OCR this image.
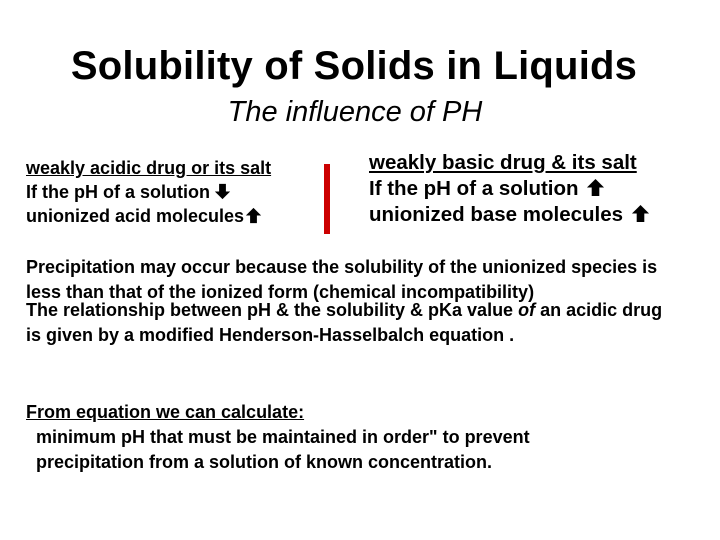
Solubility of Solids in Liquids
The influence of PH
weakly acidic drug or its salt
If the pH of a solution
unionized acid molecules
weakly basic drug & its salt
If the pH of a solution
unionized base molecules
Precipitation may occur because the solubility of the unionized species is
less than that of the ionized form (chemical incompatibility)
The relationship between pH & the solubility & pKa value of an acidic drug
is given by a modified Henderson-Hasselbalch equation .
From equation we can calculate:
minimum pH that must be maintained in order" to prevent
precipitation from a solution of known concentration.
